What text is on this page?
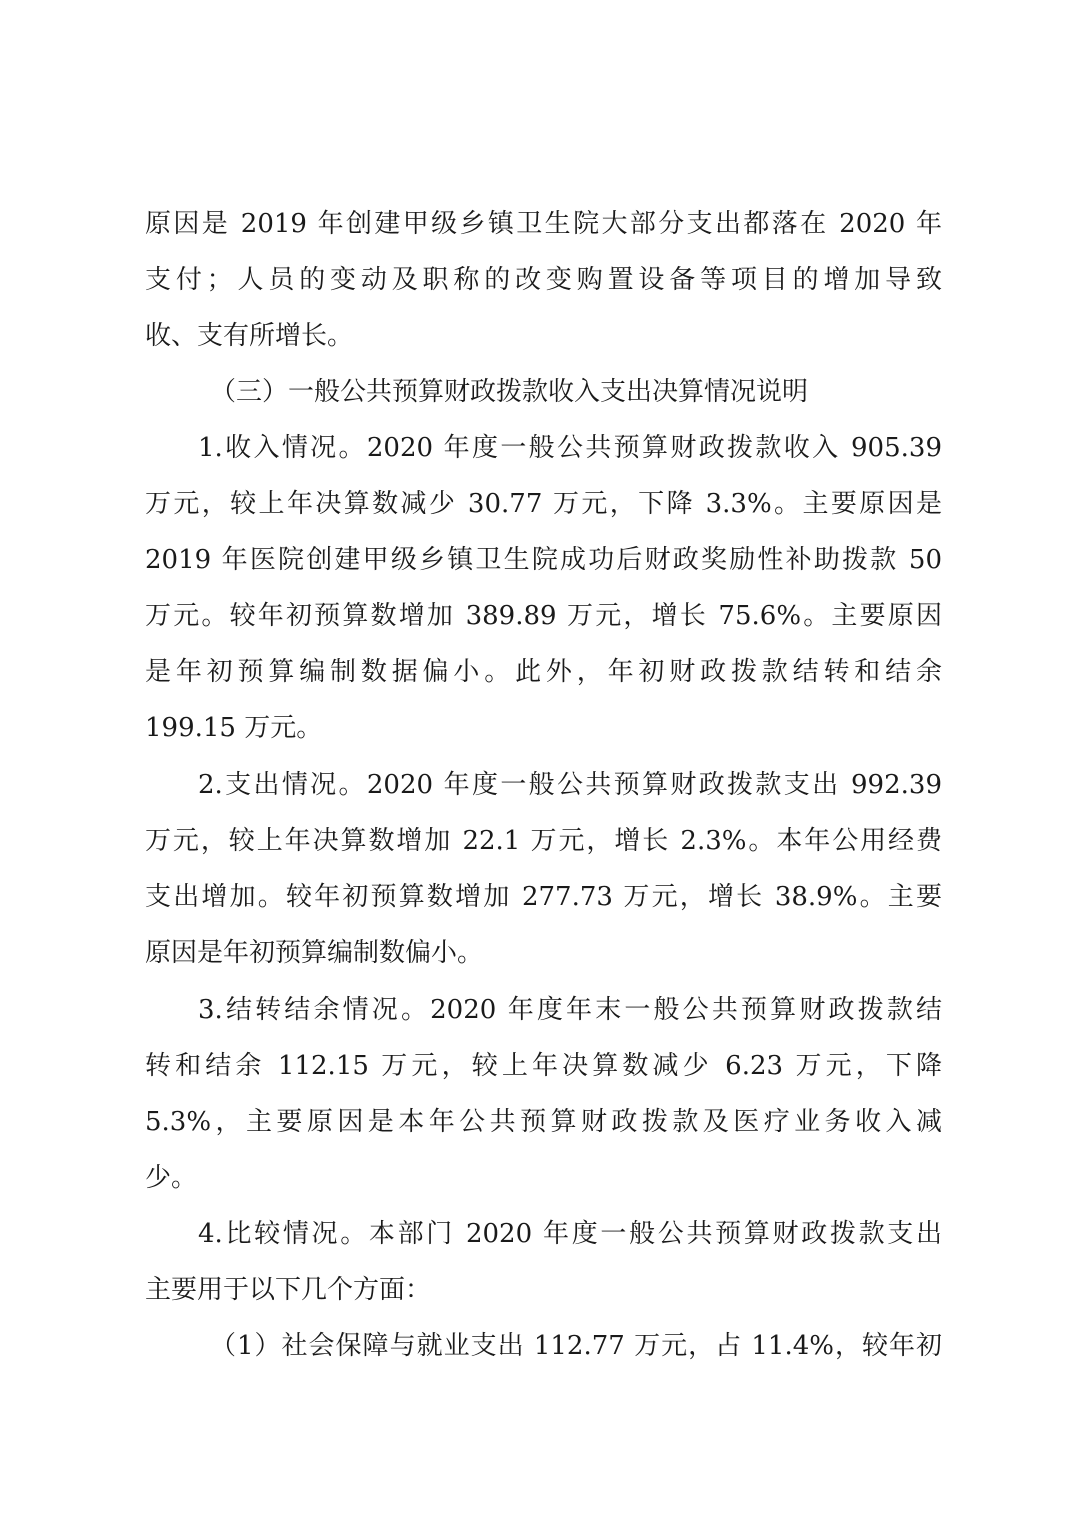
原因是 2019 年创建甲级乡镇卫生院大部分支出都落在 2020 年
支付；人员的变动及职称的改变购置设备等项目的增加导致
收、支有所增长。
（三）一般公共预算财政拨款收入支出决算情况说明
1.收入情况。2020 年度一般公共预算财政拨款收入 905.39
万元，较上年决算数减少 30.77 万元，下降 3.3%。主要原因是
2019 年医院创建甲级乡镇卫生院成功后财政奖励性补助拨款 50
万元。较年初预算数增加 389.89 万元，增长 75.6%。主要原因
是年初预算编制数据偏小。此外，年初财政拨款结转和结余
199.15 万元。
2.支出情况。2020 年度一般公共预算财政拨款支出 992.39
万元，较上年决算数增加 22.1 万元，增长 2.3%。本年公用经费
支出增加。较年初预算数增加 277.73 万元，增长 38.9%。主要
原因是年初预算编制数偏小。
3.结转结余情况。2020 年度年末一般公共预算财政拨款结
转和结余 112.15 万元，较上年决算数减少 6.23 万元，下降
5.3%，主要原因是本年公共预算财政拨款及医疗业务收入减
少。
4.比较情况。本部门 2020 年度一般公共预算财政拨款支出
主要用于以下几个方面：
（1）社会保障与就业支出 112.77 万元，占 11.4%，较年初
